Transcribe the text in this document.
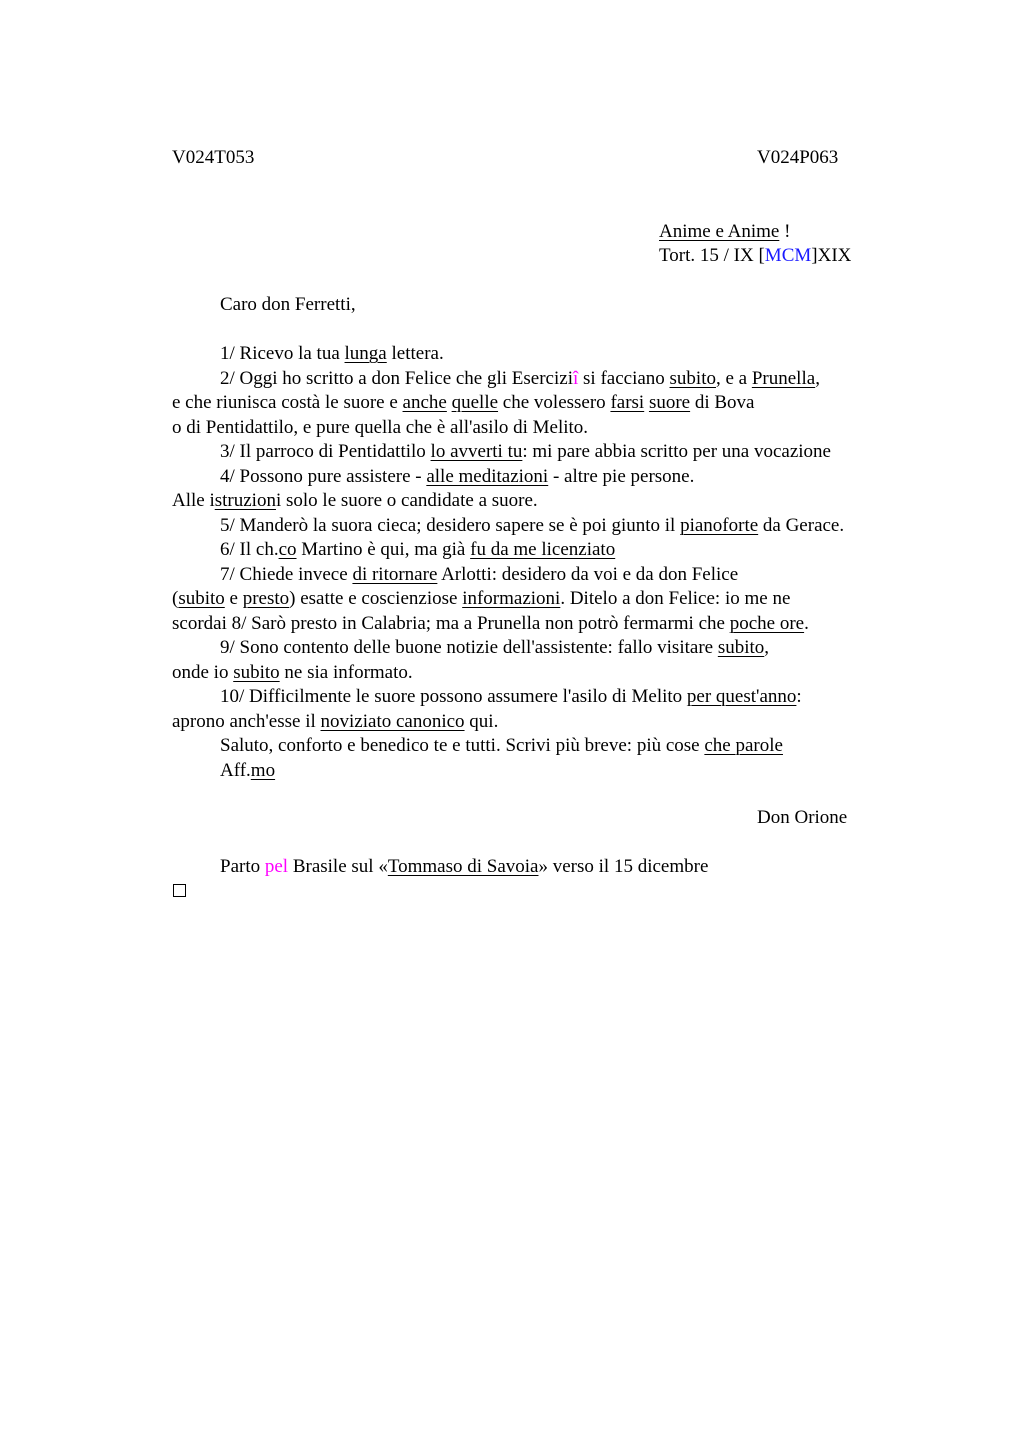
V024T053	V024P063
Anime e Anime !
Tort. 15 / IX [MCM]XIX
Caro don Ferretti,
1/ Ricevo la tua lunga lettera.
2/ Oggi ho scritto a don Felice che gli Eserciziî si facciano subito, e a Prunella,
e che riunisca costà le suore e anche quelle che volessero farsi suore di Bova
o di Pentidattilo, e pure quella che è all'asilo di Melito.
3/ Il parroco di Pentidattilo lo avverti tu: mi pare abbia scritto per una vocazione
4/ Possono pure assistere - alle meditazioni - altre pie persone.
Alle istruzioni solo le suore o candidate a suore.
5/ Manderò la suora cieca; desidero sapere se è poi giunto il pianoforte da Gerace.
6/ Il ch.co Martino è qui, ma già fu da me licenziato
7/ Chiede invece di ritornare Arlotti: desidero da voi e da don Felice
(subito e presto) esatte e coscienziose informazioni. Ditelo a don Felice: io me ne
scordai 8/ Sarò presto in Calabria; ma a Prunella non potrò fermarmi che poche ore.
9/ Sono contento delle buone notizie dell'assistente: fallo visitare subito,
onde io subito ne sia informato.
10/ Difficilmente le suore possono assumere l'asilo di Melito per quest'anno:
aprono anch'esse il noviziato canonico qui.
Saluto, conforto e benedico te e tutti. Scrivi più breve: più cose che parole
Aff.mo
Don Orione
Parto pel Brasile sul «Tommaso di Savoia» verso il 15 dicembre
